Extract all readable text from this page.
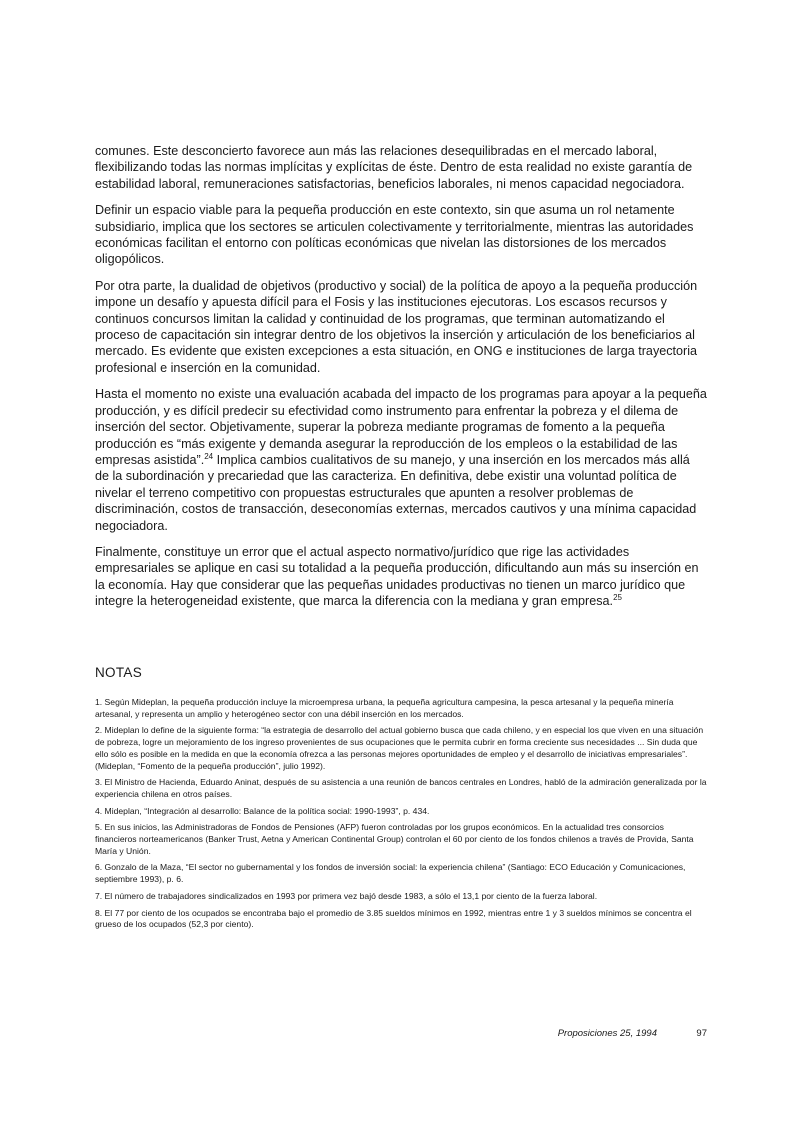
comunes. Este desconcierto favorece aun más las relaciones desequilibradas en el mercado laboral, flexibilizando todas las normas implícitas y explícitas de éste. Dentro de esta realidad no existe garantía de estabilidad laboral, remuneraciones satisfactorias, beneficios laborales, ni menos capacidad negociadora.

Definir un espacio viable para la pequeña producción en este contexto, sin que asuma un rol netamente subsidiario, implica que los sectores se articulen colectivamente y territorialmente, mientras las autoridades económicas facilitan el entorno con políticas económicas que nivelan las distorsiones de los mercados oligopólicos.

Por otra parte, la dualidad de objetivos (productivo y social) de la política de apoyo a la pequeña producción impone un desafío y apuesta difícil para el Fosis y las instituciones ejecutoras. Los escasos recursos y continuos concursos limitan la calidad y continuidad de los programas, que terminan automatizando el proceso de capacitación sin integrar dentro de los objetivos la inserción y articulación de los beneficiarios al mercado. Es evidente que existen excepciones a esta situación, en ONG e instituciones de larga trayectoria profesional e inserción en la comunidad.

Hasta el momento no existe una evaluación acabada del impacto de los programas para apoyar a la pequeña producción, y es difícil predecir su efectividad como instrumento para enfrentar la pobreza y el dilema de inserción del sector. Objetivamente, superar la pobreza mediante programas de fomento a la pequeña producción es “más exigente y demanda asegurar la reproducción de los empleos o la estabilidad de las empresas asistida”.$^{24}$ Implica cambios cualitativos de su manejo, y una inserción en los mercados más allá de la subordinación y precariedad que las caracteriza. En definitiva, debe existir una voluntad política de nivelar el terreno competitivo con propuestas estructurales que apunten a resolver problemas de discriminación, costos de transacción, deseconomías externas, mercados cautivos y una mínima capacidad negociadora.

Finalmente, constituye un error que el actual aspecto normativo/jurídico que rige las actividades empresariales se aplique en casi su totalidad a la pequeña producción, dificultando aun más su inserción en la economía. Hay que considerar que las pequeñas unidades productivas no tienen un marco jurídico que integre la heterogeneidad existente, que marca la diferencia con la mediana y gran empresa.$^{25}$

NOTAS

1. Según Mideplan, la pequeña producción incluye la microempresa urbana, la pequeña agricultura campesina, la pesca artesanal y la pequeña minería artesanal, y representa un amplio y heterogéneo sector con una débil inserción en los mercados.

2. Mideplan lo define de la siguiente forma: “la estrategia de desarrollo del actual gobierno busca que cada chileno, y en especial los que viven en una situación de pobreza, logre un mejoramiento de los ingreso provenientes de sus ocupaciones que le permita cubrir en forma creciente sus necesidades ... Sin duda que ello sólo es posible en la medida en que la economía ofrezca a las personas mejores oportunidades de empleo y el desarrollo de iniciativas empresariales”. (Mideplan, “Fomento de la pequeña producción”, julio 1992).

3. El Ministro de Hacienda, Eduardo Aninat, después de su asistencia a una reunión de bancos centrales en Londres, habló de la admiración generalizada por la experiencia chilena en otros países.

4. Mideplan, “Integración al desarrollo: Balance de la política social: 1990-1993”, p. 434.

5. En sus inicios, las Administradoras de Fondos de Pensiones (AFP) fueron controladas por los grupos económicos. En la actualidad tres consorcios financieros norteamericanos (Banker Trust, Aetna y American Continental Group) controlan el 60 por ciento de los fondos chilenos a través de Provida, Santa María y Unión.

6. Gonzalo de la Maza, “El sector no gubernamental y los fondos de inversión social: la experiencia chilena” (Santiago: ECO Educación y Comunicaciones, septiembre 1993), p. 6.

7. El número de trabajadores sindicalizados en 1993 por primera vez bajó desde 1983, a sólo el 13,1 por ciento de la fuerza laboral.

8. El 77 por ciento de los ocupados se encontraba bajo el promedio de 3.85 sueldos mínimos en 1992, mientras entre 1 y 3 sueldos mínimos se concentra el grueso de los ocupados (52,3 por ciento).

Proposiciones 25, 1994	97
